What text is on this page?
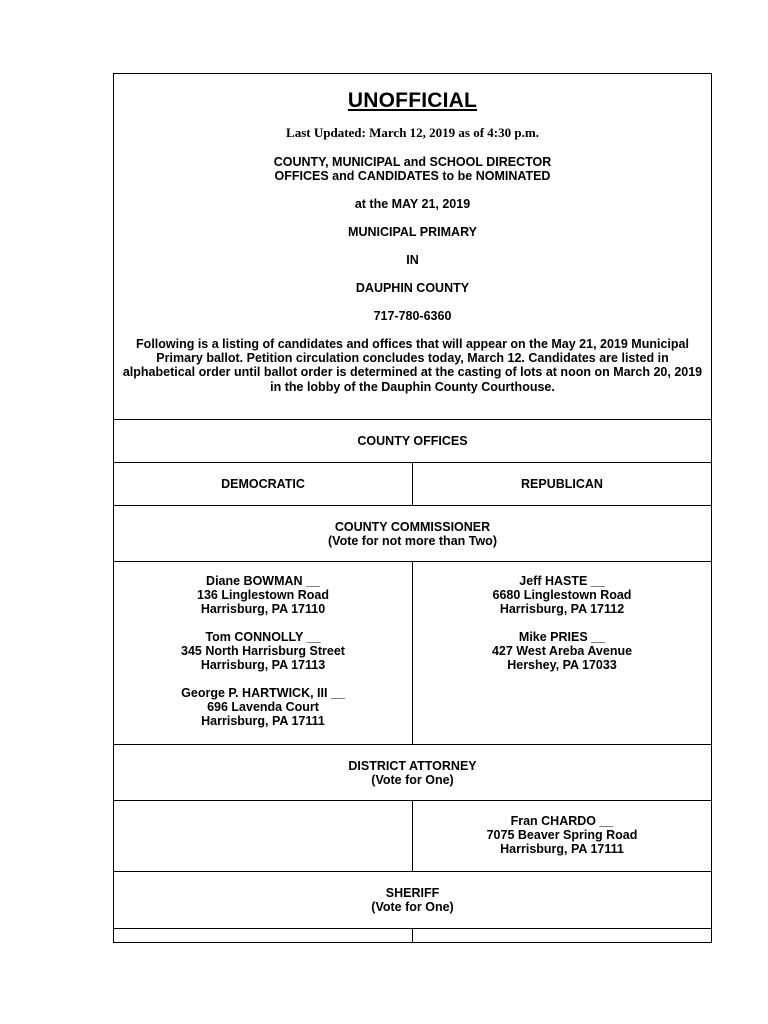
UNOFFICIAL
Last Updated: March 12, 2019 as of 4:30 p.m.
COUNTY, MUNICIPAL and SCHOOL DIRECTOR
OFFICES and CANDIDATES to be NOMINATED
at the MAY 21, 2019
MUNICIPAL PRIMARY
IN
DAUPHIN COUNTY
717-780-6360
Following is a listing of candidates and offices that will appear on the May 21, 2019 Municipal Primary ballot. Petition circulation concludes today, March 12. Candidates are listed in alphabetical order until ballot order is determined at the casting of lots at noon on March 20, 2019 in the lobby of the Dauphin County Courthouse.
COUNTY OFFICES
DEMOCRATIC	REPUBLICAN
COUNTY COMMISSIONER
(Vote for not more than Two)
Diane BOWMAN __
136 Linglestown Road
Harrisburg, PA 17110
Tom CONNOLLY __
345 North Harrisburg Street
Harrisburg, PA 17113
George P. HARTWICK, III __
696 Lavenda Court
Harrisburg, PA 17111
Jeff HASTE __
6680 Linglestown Road
Harrisburg, PA 17112
Mike PRIES __
427 West Areba Avenue
Hershey, PA 17033
DISTRICT ATTORNEY
(Vote for One)
Fran CHARDO __
7075 Beaver Spring Road
Harrisburg, PA 17111
SHERIFF
(Vote for One)
